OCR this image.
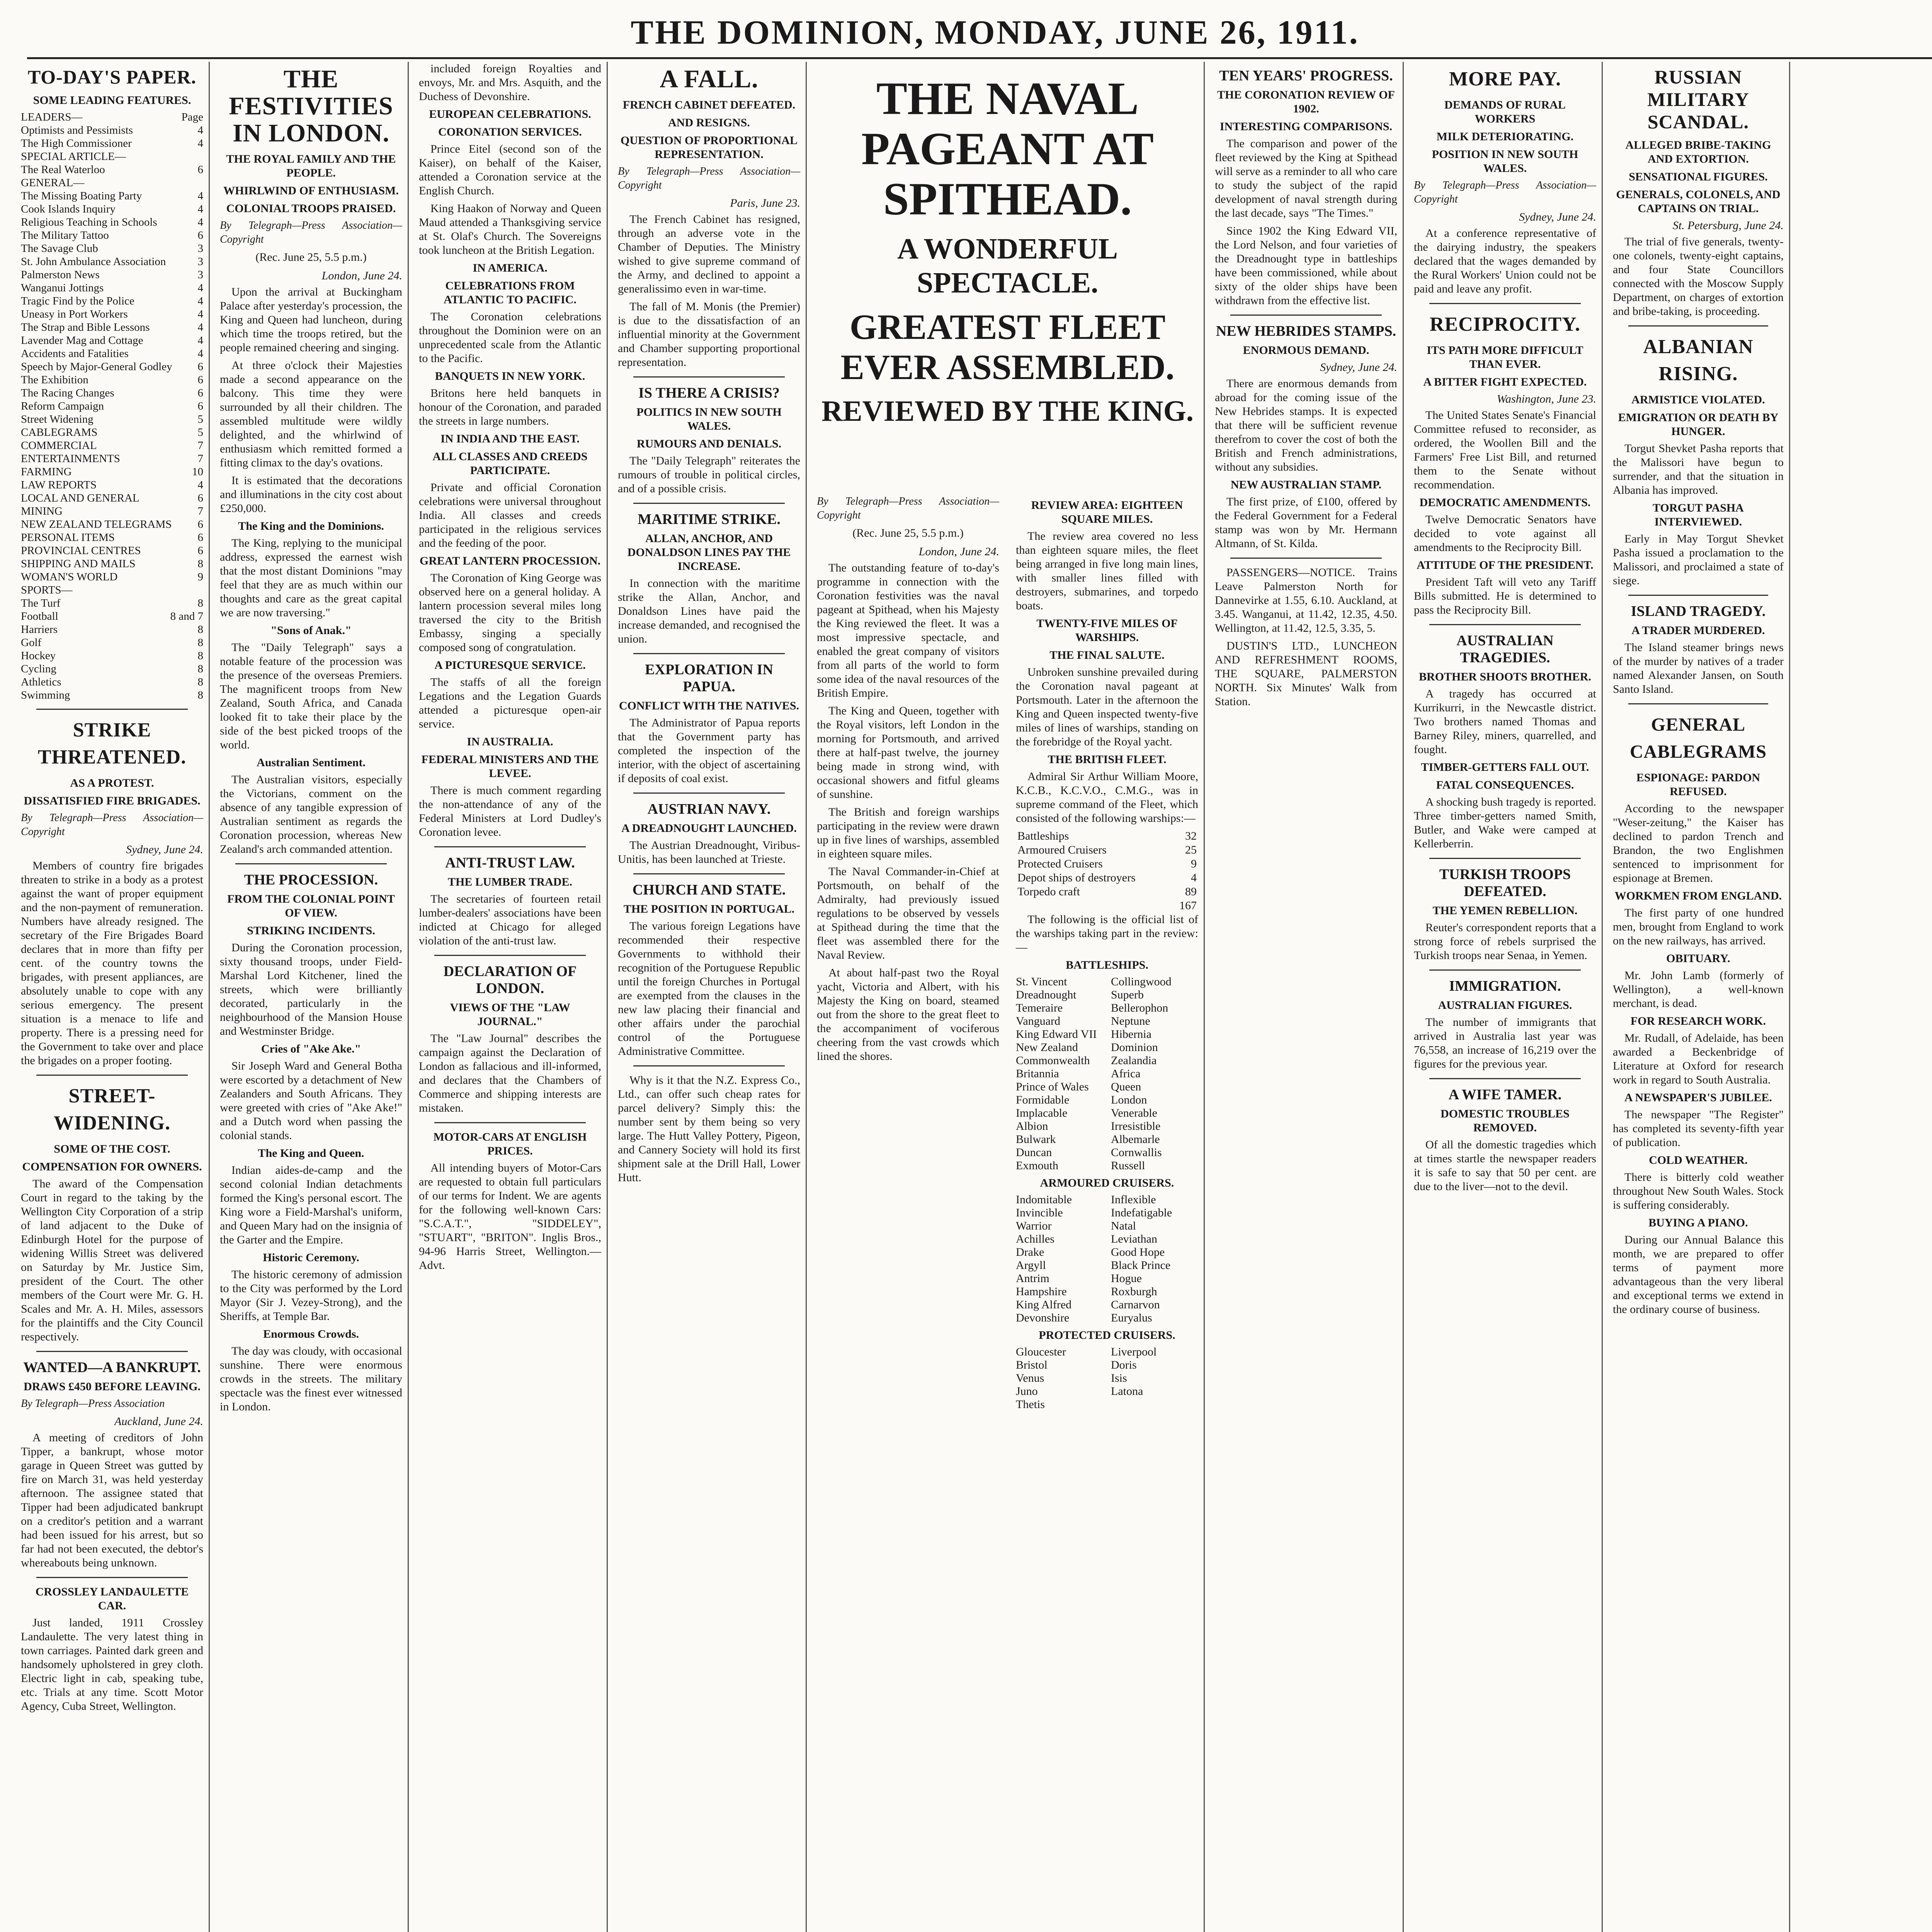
THE DOMINION, MONDAY, JUNE 26, 1911.
TO-DAY'S PAPER.
SOME LEADING FEATURES.
LEADERS—	Page
Optimists and Pessimists	4
The High Commissioner	4
SPECIAL ARTICLE—
The Real Waterloo	6
GENERAL—
The Missing Boating Party	4
Cook Islands Inquiry	4
Religious Teaching in Schools	4
The Military Tattoo	6
The Savage Club	3
St. John Ambulance Association	3
Palmerston News	3
Wanganui Jottings	4
Tragic Find by the Police	4
Uneasy in Port Workers	4
The Strap and Bible Lessons	4
Lavender Mag and Cottage	4
Accidents and Fatalities	4
Speech by Major-General Godley 6
The Exhibition	6
The Racing Changes	6
Reform Campaign	6
Street Widening	5
CABLEGRAMS	5
COMMERCIAL	7
ENTERTAINMENTS	7
FARMING	10
LAW REPORTS	4
LOCAL AND GENERAL	6
MINING	7
NEW ZEALAND TELEGRAMS 6
PERSONAL ITEMS	6
PROVINCIAL CENTRES	6
SHIPPING AND MAILS	8
WOMAN'S WORLD	9
SPORTS—
The Turf	8
Football	8 and 7
Harriers	8
Golf	8
Hockey	8
Cycling	8
Athletics	8
Swimming	8
STRIKE THREATENED.
AS A PROTEST.
DISSATISFIED FIRE BRIGADES.

By Telegraph—Press Association—Copyright

Sydney, June 24.

Members of country fire brigades threaten to strike in a body as a protest against the want of proper equipment and the non-payment of remuneration. Numbers have already resigned. The secretary of the Fire Brigades Board declares that in more than fifty per cent. of the country towns the brigades, with present appliances, are absolutely unable to cope with any serious emergency. The present situation is a menace to life and property. There is a pressing need for the Government to take over and place the brigades on a proper footing.

STREET-WIDENING.
SOME OF THE COST.
COMPENSATION FOR OWNERS.

The award of the Compensation Court in regard to the taking by the Wellington City Corporation of a strip of land adjacent to the Duke of Edinburgh Hotel for the purpose of widening Willis Street was delivered on Saturday by Mr. Justice Sim, president of the Court. The other members of the Court were Mr. G. H. Scales and Mr. A. H. Miles, assessors for the plaintiffs and the City Council respectively.

WANTED—A BANKRUPT.
DRAWS £450 BEFORE LEAVING.

By Telegraph—Press Association

Auckland, June 24.

A meeting of creditors of John Tipper, a bankrupt, whose motor garage in Queen Street was gutted by fire on March 31, was held yesterday afternoon. The assignee stated that Tipper had been adjudicated bankrupt on a creditor's petition and a warrant had been issued for his arrest, but so far had not been executed, the debtor's whereabouts being unknown.

CROSSLEY LANDAULETTE CAR.

Just landed, 1911 Crossley Landaulette. The very latest thing in town carriages. Painted dark green and handsomely upholstered in grey cloth. Electric light in cab, speaking tube, etc. Trials at any time. Scott Motor Agency, Cuba Street, Wellington.

THE FESTIVITIES IN LONDON.
THE ROYAL FAMILY AND THE PEOPLE.
WHIRLWIND OF ENTHUSIASM.
COLONIAL TROOPS PRAISED.

By Telegraph—Press Association—Copyright

(Rec. June 25, 5.5 p.m.)
London, June 24.

Upon the arrival at Buckingham Palace after yesterday's procession, the King and Queen had luncheon, during which time the troops retired, but the people remained cheering and singing.

At three o'clock their Majesties made a second appearance on the balcony. This time they were surrounded by all their children. The assembled multitude were wildly delighted, and the whirlwind of enthusiasm which remitted formed a fitting climax to the day's ovations.

It is estimated that the decorations and illuminations in the city cost about £250,000.

The King and the Dominions.

The King, replying to the municipal address, expressed the earnest wish that the most distant Dominions "may feel that they are as much within our thoughts and care as the great capital we are now traversing."

"Sons of Anak."

The "Daily Telegraph" says a notable feature of the procession was the presence of the overseas Premiers. The magnificent troops from New Zealand, South Africa, and Canada looked fit to take their place by the side of the best picked troops of the world.

Australian Sentiment.

The Australian visitors, especially the Victorians, comment on the absence of any tangible expression of Australian sentiment as regards the Coronation procession, whereas New Zealand's arch commanded attention.

THE PROCESSION.
FROM THE COLONIAL POINT OF VIEW.
STRIKING INCIDENTS.

During the Coronation procession, sixty thousand troops, under Field-Marshal Lord Kitchener, lined the streets, which were brilliantly decorated, particularly in the neighbourhood of the Mansion House and Westminster Bridge.

Cries of "Ake Ake."

Sir Joseph Ward and General Botha were escorted by a detachment of New Zealanders and South Africans. They were greeted with cries of "Ake Ake!" and a Dutch word when passing the colonial stands.

The King and Queen.

Indian aides-de-camp and the second colonial Indian detachments formed the King's personal escort. The King wore a Field-Marshal's uniform, and Queen Mary had on the insignia of the Garter and the Empire.

Historic Ceremony.

The historic ceremony of admission to the City was performed by the Lord Mayor (Sir J. Vezey-Strong), and the Sheriffs, at Temple Bar.

Enormous Crowds.

The day was cloudy, with occasional sunshine. There were enormous crowds in the streets. The military spectacle was the finest ever witnessed in London.

included foreign Royalties and envoys, Mr. and Mrs. Asquith, and the Duchess of Devonshire.

EUROPEAN CELEBRATIONS.
CORONATION SERVICES.

Prince Eitel (second son of the Kaiser), on behalf of the Kaiser, attended a Coronation service at the English Church.

King Haakon of Norway and Queen Maud attended a Thanksgiving service at St. Olaf's Church. The Sovereigns took luncheon at the British Legation.

IN AMERICA.
CELEBRATIONS FROM ATLANTIC TO PACIFIC.

The Coronation celebrations throughout the Dominion were on an unprecedented scale from the Atlantic to the Pacific.

BANQUETS IN NEW YORK.

Britons here held banquets in honour of the Coronation, and paraded the streets in large numbers.

IN INDIA AND THE EAST.
ALL CLASSES AND CREEDS PARTICIPATE.

Private and official Coronation celebrations were universal throughout India. All classes and creeds participated in the religious services and the feeding of the poor.

GREAT LANTERN PROCESSION.

The Coronation of King George was observed here on a general holiday. A lantern procession several miles long traversed the city to the British Embassy, singing a specially composed song of congratulation.

A PICTURESQUE SERVICE.

The staffs of all the foreign Legations and the Legation Guards attended a picturesque open-air service.

IN AUSTRALIA.
FEDERAL MINISTERS AND THE LEVEE.

There is much comment regarding the non-attendance of any of the Federal Ministers at Lord Dudley's Coronation levee.

ANTI-TRUST LAW.
THE LUMBER TRADE.

The secretaries of fourteen retail lumber-dealers' associations have been indicted at Chicago for alleged violation of the anti-trust law.

DECLARATION OF LONDON.
VIEWS OF THE "LAW JOURNAL."

The "Law Journal" describes the campaign against the Declaration of London as fallacious and ill-informed, and declares that the Chambers of Commerce and shipping interests are mistaken.

MOTOR-CARS AT ENGLISH PRICES.

All intending buyers of Motor-Cars are requested to obtain full particulars of our terms for Indent. We are agents for the following well-known Cars: "S.C.A.T.", "SIDDELEY", "STUART", "BRITON". Inglis Bros., 94-96 Harris Street, Wellington.—Advt.

A FALL.
FRENCH CABINET DEFEATED.
AND RESIGNS.
QUESTION OF PROPORTIONAL REPRESENTATION.

By Telegraph—Press Association—Copyright

Paris, June 23.

The French Cabinet has resigned, through an adverse vote in the Chamber of Deputies. The Ministry wished to give supreme command of the Army, and declined to appoint a generalissimo even in war-time.

The fall of M. Monis (the Premier) is due to the dissatisfaction of an influential minority at the Government and Chamber supporting proportional representation.

IS THERE A CRISIS?
POLITICS IN NEW SOUTH WALES.
RUMOURS AND DENIALS.

The "Daily Telegraph" reiterates the rumours of trouble in political circles, and of a possible crisis.

MARITIME STRIKE.
ALLAN, ANCHOR, AND DONALDSON LINES PAY THE INCREASE.

In connection with the maritime strike the Allan, Anchor, and Donaldson Lines have paid the increase demanded, and recognised the union.

EXPLORATION IN PAPUA.
CONFLICT WITH THE NATIVES.

The Administrator of Papua reports that the Government party has completed the inspection of the interior, with the object of ascertaining if deposits of coal exist.

AUSTRIAN NAVY.
A DREADNOUGHT LAUNCHED.

The Austrian Dreadnought, Viribus-Unitis, has been launched at Trieste.

CHURCH AND STATE.
THE POSITION IN PORTUGAL.

The various foreign Legations have recommended their respective Governments to withhold their recognition of the Portuguese Republic until the foreign Churches in Portugal are exempted from the clauses in the new law placing their financial and other affairs under the parochial control of the Portuguese Administrative Committee.

Why is it that the N.Z. Express Co., Ltd., can offer such cheap rates for parcel delivery? Simply this: the number sent by them being so very large. The Hutt Valley Pottery, Pigeon, and Cannery Society will hold its first shipment sale at the Drill Hall, Lower Hutt.

THE NAVAL PAGEANT AT SPITHEAD.
A WONDERFUL SPECTACLE.
GREATEST FLEET EVER ASSEMBLED.
REVIEWED BY THE KING.

By Telegraph—Press Association—Copyright

(Rec. June 25, 5.5 p.m.)
London, June 24.

The outstanding feature of to-day's programme in connection with the Coronation festivities was the naval pageant at Spithead, when his Majesty the King reviewed the fleet. It was a most impressive spectacle, and enabled the great company of visitors from all parts of the world to form some idea of the naval resources of the British Empire.

The King and Queen, together with the Royal visitors, left London in the morning for Portsmouth, and arrived there at half-past twelve, the journey being made in strong wind, with occasional showers and fitful gleams of sunshine.

The British and foreign warships participating in the review were drawn up in five lines of warships, assembled in eighteen square miles.

The Naval Commander-in-Chief at Portsmouth, on behalf of the Admiralty, had previously issued regulations to be observed by vessels at Spithead during the time that the fleet was assembled there for the Naval Review.

At about half-past two the Royal yacht, Victoria and Albert, with his Majesty the King on board, steamed out from the shore to the great fleet to the accompaniment of vociferous cheering from the vast crowds which lined the shores.

REVIEW AREA: EIGHTEEN SQUARE MILES.

The review area covered no less than eighteen square miles, the fleet being arranged in five long main lines, with smaller lines filled with destroyers, submarines, and torpedo boats.

TWENTY-FIVE MILES OF WARSHIPS.
THE FINAL SALUTE.

Unbroken sunshine prevailed during the Coronation naval pageant at Portsmouth. Later in the afternoon the King and Queen inspected twenty-five miles of lines of warships, standing on the forebridge of the Royal yacht.

THE BRITISH FLEET.

Admiral Sir Arthur William Moore, K.C.B., K.C.V.O., C.M.G., was in supreme command of the Fleet, which consisted of the following warships:—

Battleships	32
Armoured Cruisers	25
Protected Cruisers	9
Depot ships of destroyers	4
Torpedo craft	89
	167

The following is the official list of the warships taking part in the review:—

BATTLESHIPS.
St. Vincent	Collingwood
Dreadnought	Superb
Temeraire	Bellerophon
Vanguard	Neptune
King Edward VII	Hibernia
New Zealand	Dominion
Commonwealth	Zealandia
Britannia	Africa
Prince of Wales	Queen
Formidable	London
Implacable	Venerable
Albion	Irresistible
Bulwark	Albemarle
Duncan	Cornwallis
Exmouth	Russell
ARMOURED CRUISERS.
Indomitable	Inflexible
Invincible	Indefatigable
Warrior	Natal
Achilles	Leviathan
Drake	Good Hope
Argyll	Black Prince
Antrim	Hogue
Hampshire	Roxburgh
King Alfred	Carnarvon
Devonshire	Euryalus
PROTECTED CRUISERS.
Gloucester	Liverpool
Bristol	Doris
Venus	Isis
Juno	Latona
Thetis
TEN YEARS' PROGRESS.
THE CORONATION REVIEW OF 1902.
INTERESTING COMPARISONS.

The comparison and power of the fleet reviewed by the King at Spithead will serve as a reminder to all who care to study the subject of the rapid development of naval strength during the last decade, says "The Times."

Since 1902 the King Edward VII, the Lord Nelson, and four varieties of the Dreadnought type in battleships have been commissioned, while about sixty of the older ships have been withdrawn from the effective list.

NEW HEBRIDES STAMPS.
ENORMOUS DEMAND.
Sydney, June 24.

There are enormous demands from abroad for the coming issue of the New Hebrides stamps. It is expected that there will be sufficient revenue therefrom to cover the cost of both the British and French administrations, without any subsidies.

NEW AUSTRALIAN STAMP.

The first prize, of £100, offered by the Federal Government for a Federal stamp was won by Mr. Hermann Altmann, of St. Kilda.

PASSENGERS—NOTICE. Trains Leave Palmerston North for Dannevirke at 1.55, 6.10. Auckland, at 3.45. Wanganui, at 11.42, 12.35, 4.50. Wellington, at 11.42, 12.5, 3.35, 5.

DUSTIN'S LTD., LUNCHEON AND REFRESHMENT ROOMS, THE SQUARE, PALMERSTON NORTH. Six Minutes' Walk from Station.

MORE PAY.
DEMANDS OF RURAL WORKERS
MILK DETERIORATING.
POSITION IN NEW SOUTH WALES.

By Telegraph—Press Association—Copyright

Sydney, June 24.

At a conference representative of the dairying industry, the speakers declared that the wages demanded by the Rural Workers' Union could not be paid and leave any profit.

RECIPROCITY.
ITS PATH MORE DIFFICULT THAN EVER.
A BITTER FIGHT EXPECTED.
Washington, June 23.

The United States Senate's Financial Committee refused to reconsider, as ordered, the Woollen Bill and the Farmers' Free List Bill, and returned them to the Senate without recommendation.

DEMOCRATIC AMENDMENTS.

Twelve Democratic Senators have decided to vote against all amendments to the Reciprocity Bill.

ATTITUDE OF THE PRESIDENT.

President Taft will veto any Tariff Bills submitted. He is determined to pass the Reciprocity Bill.

AUSTRALIAN TRAGEDIES.
BROTHER SHOOTS BROTHER.

A tragedy has occurred at Kurrikurri, in the Newcastle district. Two brothers named Thomas and Barney Riley, miners, quarrelled, and fought.

TIMBER-GETTERS FALL OUT.
FATAL CONSEQUENCES.

A shocking bush tragedy is reported. Three timber-getters named Smith, Butler, and Wake were camped at Kellerberrin.

TURKISH TROOPS DEFEATED.
THE YEMEN REBELLION.

Reuter's correspondent reports that a strong force of rebels surprised the Turkish troops near Senaa, in Yemen.

IMMIGRATION.
AUSTRALIAN FIGURES.

The number of immigrants that arrived in Australia last year was 76,558, an increase of 16,219 over the figures for the previous year.

A WIFE TAMER.
DOMESTIC TROUBLES REMOVED.

Of all the domestic tragedies which at times startle the newspaper readers it is safe to say that 50 per cent. are due to the liver—not to the devil.

RUSSIAN MILITARY SCANDAL.
ALLEGED BRIBE-TAKING AND EXTORTION.
SENSATIONAL FIGURES.
GENERALS, COLONELS, AND CAPTAINS ON TRIAL.
St. Petersburg, June 24.

The trial of five generals, twenty-one colonels, twenty-eight captains, and four State Councillors connected with the Moscow Supply Department, on charges of extortion and bribe-taking, is proceeding.

ALBANIAN RISING.
ARMISTICE VIOLATED.
EMIGRATION OR DEATH BY HUNGER.

Torgut Shevket Pasha reports that the Malissori have begun to surrender, and that the situation in Albania has improved.

TORGUT PASHA INTERVIEWED.

Early in May Torgut Shevket Pasha issued a proclamation to the Malissori, and proclaimed a state of siege.

ISLAND TRAGEDY.
A TRADER MURDERED.

The Island steamer brings news of the murder by natives of a trader named Alexander Jansen, on South Santo Island.

GENERAL CABLEGRAMS
ESPIONAGE: PARDON REFUSED.

According to the newspaper "Weser-zeitung," the Kaiser has declined to pardon Trench and Brandon, the two Englishmen sentenced to imprisonment for espionage at Bremen.

WORKMEN FROM ENGLAND.

The first party of one hundred men, brought from England to work on the new railways, has arrived.

OBITUARY.

Mr. John Lamb (formerly of Wellington), a well-known merchant, is dead.

FOR RESEARCH WORK.

Mr. Rudall, of Adelaide, has been awarded a Beckenbridge of Literature at Oxford for research work in regard to South Australia.

A NEWSPAPER'S JUBILEE.

The newspaper "The Register" has completed its seventy-fifth year of publication.

COLD WEATHER.

There is bitterly cold weather throughout New South Wales. Stock is suffering considerably.

BUYING A PIANO.

During our Annual Balance this month, we are prepared to offer terms of payment more advantageous than the very liberal and exceptional terms we extend in the ordinary course of business.
